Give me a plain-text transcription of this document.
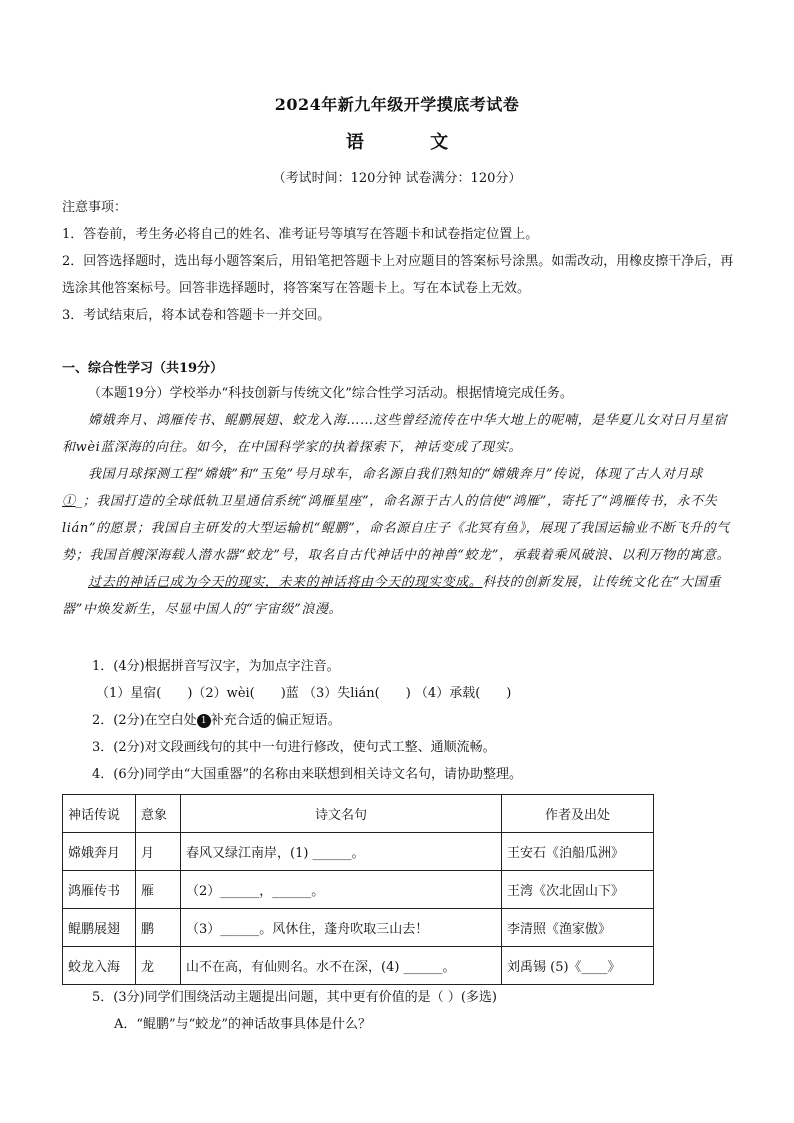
2024年新九年级开学摸底考试卷
语 文
（考试时间：120分钟 试卷满分：120分）

注意事项：

1．答卷前，考生务必将自己的姓名、准考证号等填写在答题卡和试卷指定位置上。

2．回答选择题时，选出每小题答案后，用铅笔把答题卡上对应题目的答案标号涂黑。如需改动，用橡皮擦干净后，再选涂其他答案标号。回答非选择题时，将答案写在答题卡上。写在本试卷上无效。

3．考试结束后，将本试卷和答题卡一并交回。

一、综合性学习（共19分）

（本题19分）学校举办“科技创新与传统文化”综合性学习活动。根据情境完成任务。

嫦娥奔月、鸿雁传书、鲲鹏展翅、蛟龙入海……这些曾经流传在中华大地上的呢喃，是华夏儿女对日月星宿和wèi蓝深海的向往。如今，在中国科学家的执着探索下，神话变成了现实。

我国月球探测工程“嫦娥”和“玉兔”号月球车，命名源自我们熟知的“嫦娥奔月”传说，体现了古人对月球①_；我国打造的全球低轨卫星通信系统“鸿雁星座”，命名源于古人的信使“鸿雁”，寄托了“鸿雁传书，永不失lián”的愿景；我国自主研发的大型运输机“鲲鹏”，命名源自庄子《北冥有鱼》，展现了我国运输业不断飞升的气势；我国首艘深海载人潜水器“蛟龙”号，取名自古代神话中的神兽“蛟龙”，承载着乘风破浪、以利万物的寓意。

过去的神话已成为今天的现实，未来的神话将由今天的现实变成。科技的创新发展，让传统文化在“大国重器”中焕发新生，尽显中国人的“宇宙级”浪漫。

1．(4分)根据拼音写汉字，为加点字注音。

（1）星宿(　　)（2）wèi(　　)蓝 （3）失lián(　　) （4）承载(　　)

2．(2分)在空白处 1 补充合适的偏正短语。

3．(2分)对文段画线句的其中一句进行修改，使句式工整、通顺流畅。

4．(6分)同学由“大国重器”的名称由来联想到相关诗文名句，请协助整理。

神话传说	意象	诗文名句	作者及出处
嫦娥奔月	月	春风又绿江南岸，(1) ______。	王安石《泊船瓜洲》
鸿雁传书	雁	（2）______，______。	王湾《次北固山下》
鲲鹏展翅	鹏	（3）______。风休住，蓬舟吹取三山去！	李清照《渔家傲》
蛟龙入海	龙	山不在高，有仙则名。水不在深，(4) ______。	刘禹锡 (5)《____》

5．(3分)同学们围绕活动主题提出问题，其中更有价值的是（ ）(多选)

A．“鲲鹏”与“蛟龙”的神话故事具体是什么？
